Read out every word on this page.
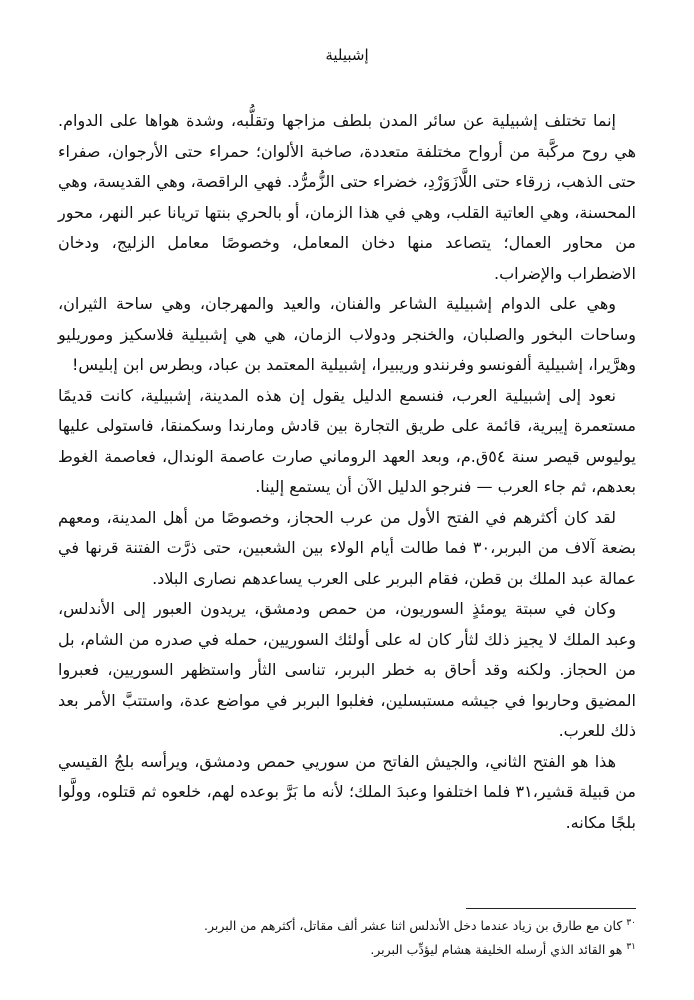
إشبيلية

إنما تختلف إشبيلية عن سائر المدن بلطف مزاجها وتقلُّبه، وشدة هواها على الدوام. هي روح مركَّبة من أرواح مختلفة متعددة، صاخبة الألوان؛ حمراء حتى الأرجوان، صفراء حتى الذهب، زرقاء حتى اللَّازَوَرْدِ، خضراء حتى الزُّمرُّد. فهي الراقصة، وهي القديسة، وهي المحسنة، وهي العاتية القلب، وهي في هذا الزمان، أو بالحري بنتها تريانا عبر النهر، محور من محاور العمال؛ يتصاعد منها دخان المعامل، وخصوصًا معامل الزليج، ودخان الاضطراب والإضراب.

وهي على الدوام إشبيلية الشاعر والفنان، والعيد والمهرجان، وهي ساحة الثيران، وساحات البخور والصلبان، والخنجر ودولاب الزمان، هي هي إشبيلية فلاسكيز وموريليو وهرَّيرا، إشبيلية ألفونسو وفرنندو وريبيرا، إشبيلية المعتمد بن عباد، وبطرس ابن إبليس!

نعود إلى إشبيلية العرب، فنسمع الدليل يقول إن هذه المدينة، إشبيلية، كانت قديمًا مستعمرة إيبرية، قائمة على طريق التجارة بين قادش ومارندا وسكمنقا، فاستولى عليها يوليوس قيصر سنة ٥٤ق.م، وبعد العهد الروماني صارت عاصمة الوندال، فعاصمة الغوط بعدهم، ثم جاء العرب — فنرجو الدليل الآن أن يستمع إلينا.

لقد كان أكثرهم في الفتح الأول من عرب الحجاز، وخصوصًا من أهل المدينة، ومعهم بضعة آلاف من البربر،٣٠ فما طالت أيام الولاء بين الشعبين، حتى ذرَّت الفتنة قرنها في عمالة عبد الملك بن قطن، فقام البربر على العرب يساعدهم نصارى البلاد.

وكان في سبتة يومئذٍ السوريون، من حمص ودمشق، يريدون العبور إلى الأندلس، وعبد الملك لا يجيز ذلك لثأر كان له على أولئك السوريين، حمله في صدره من الشام، بل من الحجاز. ولكنه وقد أحاق به خطر البربر، تناسى الثأر واستظهر السوريين، فعبروا المضيق وحاربوا في جيشه مستبسلين، فغلبوا البربر في مواضع عدة، واستتبَّ الأمر بعد ذلك للعرب.

هذا هو الفتح الثاني، والجيش الفاتح من سوريي حمص ودمشق، ويرأسه بلجُ القيسي من قبيلة قشير،٣١ فلما اختلفوا وعبدَ الملك؛ لأنه ما بَرَّ بوعده لهم، خلعوه ثم قتلوه، وولَّوا بلجًا مكانه.

$^{٣٠}$كان مع طارق بن زياد عندما دخل الأندلس اثنا عشر ألف مقاتل، أكثرهم من البربر.

$^{٣١}$هو القائد الذي أرسله الخليفة هشام ليؤدِّب البربر.
